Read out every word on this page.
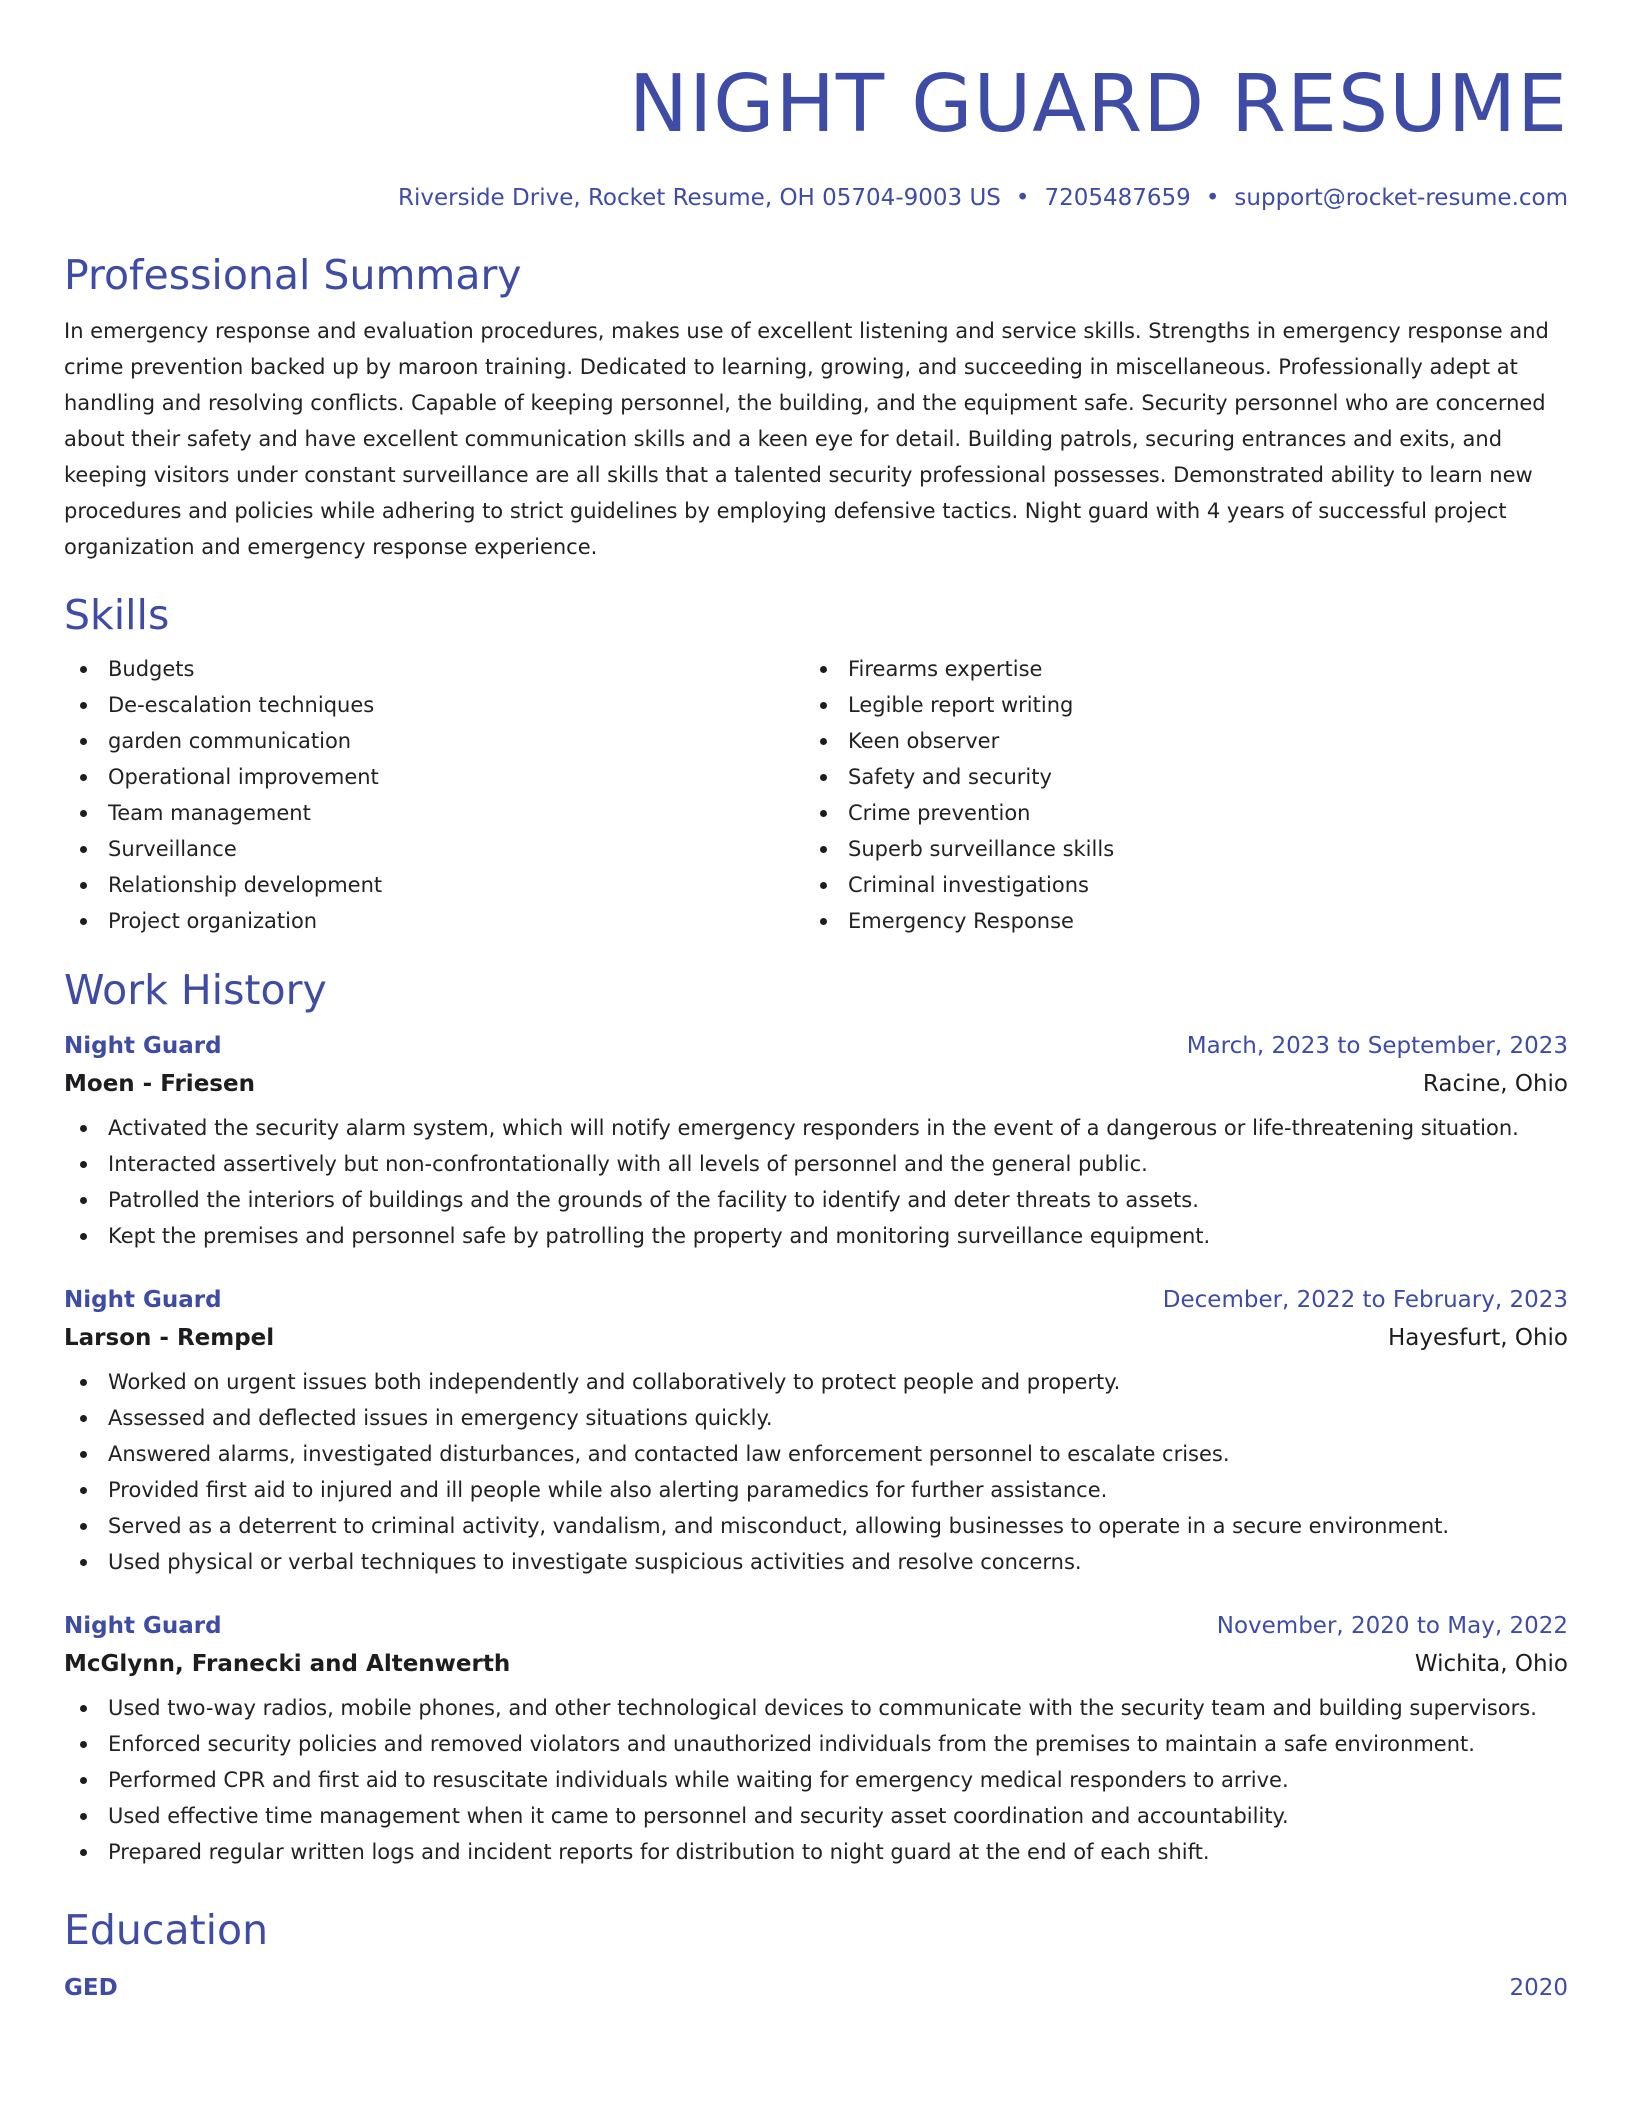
NIGHT GUARD RESUME
Riverside Drive, Rocket Resume, OH 05704-9003 US • 7205487659 • support@rocket-resume.com
Professional Summary

In emergency response and evaluation procedures, makes use of excellent listening and service skills. Strengths in emergency response and crime prevention backed up by maroon training. Dedicated to learning, growing, and succeeding in miscellaneous. Professionally adept at handling and resolving conflicts. Capable of keeping personnel, the building, and the equipment safe. Security personnel who are concerned about their safety and have excellent communication skills and a keen eye for detail. Building patrols, securing entrances and exits, and keeping visitors under constant surveillance are all skills that a talented security professional possesses. Demonstrated ability to learn new procedures and policies while adhering to strict guidelines by employing defensive tactics. Night guard with 4 years of successful project organization and emergency response experience.

Skills
Budgets
De-escalation techniques
garden communication
Operational improvement
Team management
Surveillance
Relationship development
Project organization
Firearms expertise
Legible report writing
Keen observer
Safety and security
Crime prevention
Superb surveillance skills
Criminal investigations
Emergency Response
Work History
Night Guard	March, 2023 to September, 2023
Moen - Friesen	Racine, Ohio
Activated the security alarm system, which will notify emergency responders in the event of a dangerous or life-threatening situation.
Interacted assertively but non-confrontationally with all levels of personnel and the general public.
Patrolled the interiors of buildings and the grounds of the facility to identify and deter threats to assets.
Kept the premises and personnel safe by patrolling the property and monitoring surveillance equipment.
Night Guard	December, 2022 to February, 2023
Larson - Rempel	Hayesfurt, Ohio
Worked on urgent issues both independently and collaboratively to protect people and property.
Assessed and deflected issues in emergency situations quickly.
Answered alarms, investigated disturbances, and contacted law enforcement personnel to escalate crises.
Provided first aid to injured and ill people while also alerting paramedics for further assistance.
Served as a deterrent to criminal activity, vandalism, and misconduct, allowing businesses to operate in a secure environment.
Used physical or verbal techniques to investigate suspicious activities and resolve concerns.
Night Guard	November, 2020 to May, 2022
McGlynn, Franecki and Altenwerth	Wichita, Ohio
Used two-way radios, mobile phones, and other technological devices to communicate with the security team and building supervisors.
Enforced security policies and removed violators and unauthorized individuals from the premises to maintain a safe environment.
Performed CPR and first aid to resuscitate individuals while waiting for emergency medical responders to arrive.
Used effective time management when it came to personnel and security asset coordination and accountability.
Prepared regular written logs and incident reports for distribution to night guard at the end of each shift.
Education
GED	2020
